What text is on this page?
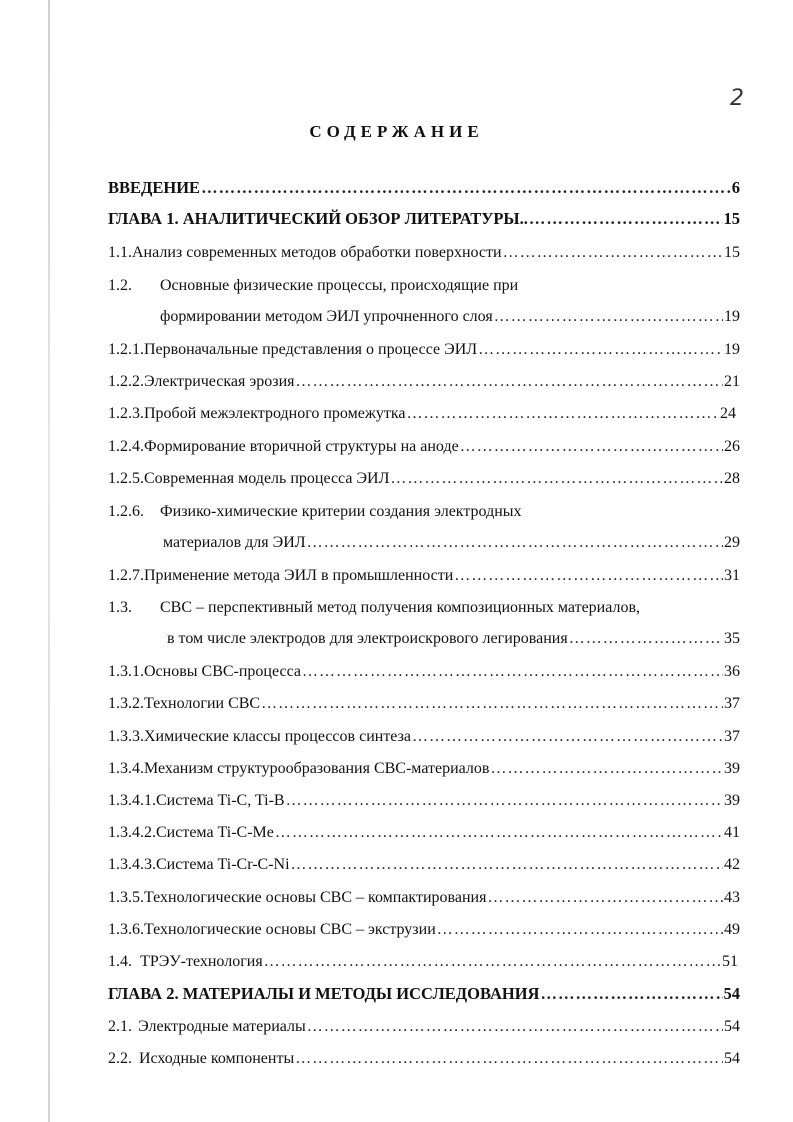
2
СОДЕРЖАНИЕ
ВВЕДЕНИЕ …………………………………………………………………………………………………………………………………………	6
ГЛАВА 1. АНАЛИТИЧЕСКИЙ ОБЗОР ЛИТЕРАТУРЫ.. …………………………………………………………………………………………………………………………………………	15
1.1. Анализ современных методов обработки поверхности …………………………………………………………………………………………………………………………………………	15
1.2.	Основные физические процессы, происходящие при
формировании методом ЭИЛ упрочненного слоя …………………………………………………………………………………………………………………………………………	19
1.2.1. Первоначальные представления о процессе ЭИЛ …………………………………………………………………………………………………………………………………………	19
1.2.2. Электрическая эрозия …………………………………………………………………………………………………………………………………………	21
1.2.3. Пробой межэлектродного промежутка …………………………………………………………………………………………………………………………………………	24
1.2.4. Формирование вторичной структуры на аноде …………………………………………………………………………………………………………………………………………	26
1.2.5. Современная модель процесса ЭИЛ …………………………………………………………………………………………………………………………………………	28
1.2.6.	Физико-химические критерии создания электродных
материалов для ЭИЛ …………………………………………………………………………………………………………………………………………	29
1.2.7. Применение метода ЭИЛ в промышленности …………………………………………………………………………………………………………………………………………	31
1.3.	СВС – перспективный метод получения композиционных материалов,
в том числе электродов для электроискрового легирования …………………………………………………………………………………………………………………………………………	35
1.3.1. Основы СВС-процесса …………………………………………………………………………………………………………………………………………	36
1.3.2. Технологии СВС …………………………………………………………………………………………………………………………………………	37
1.3.3. Химические классы процессов синтеза …………………………………………………………………………………………………………………………………………	37
1.3.4. Механизм структурообразования СВС-материалов …………………………………………………………………………………………………………………………………………	39
1.3.4.1. Система Ti-C, Ti-B …………………………………………………………………………………………………………………………………………	39
1.3.4.2. Система Ti-C-Me …………………………………………………………………………………………………………………………………………	41
1.3.4.3. Система Ti-Cr-C-Ni …………………………………………………………………………………………………………………………………………	42
1.3.5. Технологические основы СВС – компактирования …………………………………………………………………………………………………………………………………………	43
1.3.6. Технологические основы СВС – экструзии …………………………………………………………………………………………………………………………………………	49
1.4. ТРЭУ-технология …………………………………………………………………………………………………………………………………………	51
ГЛАВА 2. МАТЕРИАЛЫ И МЕТОДЫ ИССЛЕДОВАНИЯ …………………………………………………………………………………………………………………………………………	54
2.1. Электродные материалы …………………………………………………………………………………………………………………………………………	54
2.2. Исходные компоненты …………………………………………………………………………………………………………………………………………	54
